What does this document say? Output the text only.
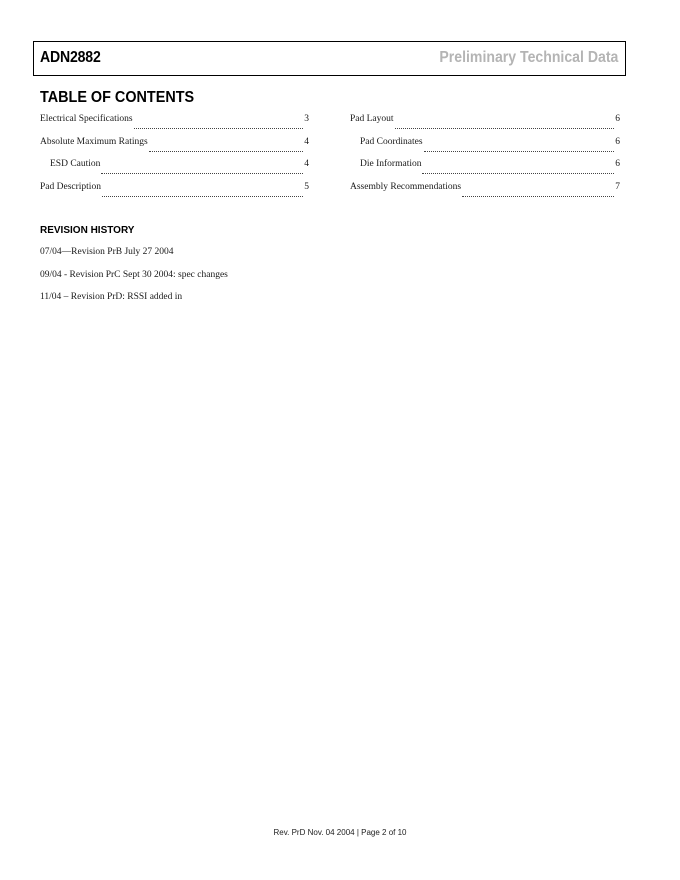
ADN2882	Preliminary Technical Data
TABLE OF CONTENTS
Electrical Specifications	3
Absolute Maximum Ratings	4
ESD Caution	4
Pad Description	5
Pad Layout	6
Pad Coordinates	6
Die Information	6
Assembly Recommendations	7
REVISION HISTORY
07/04—Revision PrB July 27 2004
09/04 - Revision PrC Sept 30 2004: spec changes
11/04 – Revision PrD: RSSI added in
Rev. PrD Nov. 04 2004 | Page 2 of 10
